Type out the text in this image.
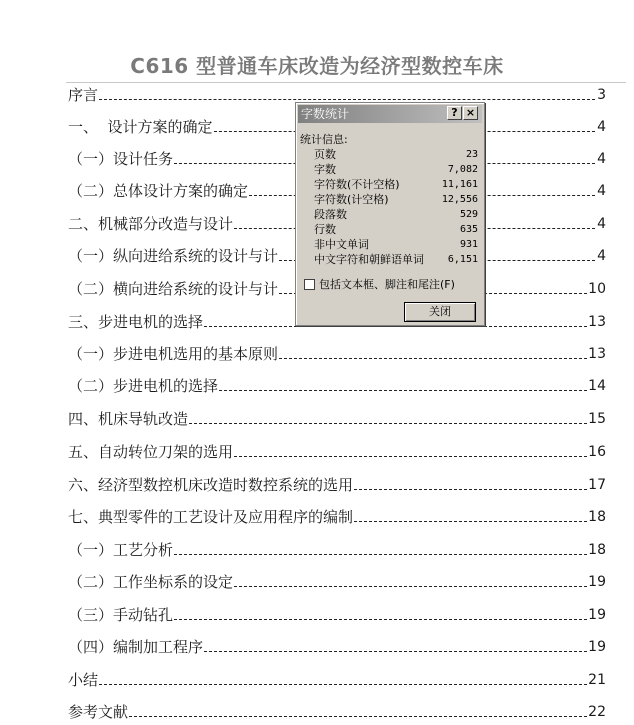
C616 型普通车床改造为经济型数控车床
序言	3
一、  设计方案的确定	4
（一）设计任务	4
（二）总体设计方案的确定	4
二、机械部分改造与设计	4
（一）纵向进给系统的设计与计	4
（二）横向进给系统的设计与计	10
三、步进电机的选择	13
（一）步进电机选用的基本原则	13
（二）步进电机的选择	14
四、机床导轨改造	15
五、自动转位刀架的选用	16
六、经济型数控机床改造时数控系统的选用	17
七、典型零件的工艺设计及应用程序的编制	18
（一）工艺分析	18
（二）工作坐标系的设定	19
（三）手动钻孔	19
（四）编制加工程序	19
小结	21
参考文献	22
字数统计	? ×
统计信息:
页数	23
字数	7,082
字符数(不计空格)	11,161
字符数(计空格)	12,556
段落数	529
行数	635
非中文单词	931
中文字符和朝鲜语单词 6,151
包括文本框、脚注和尾注(F)
关闭
